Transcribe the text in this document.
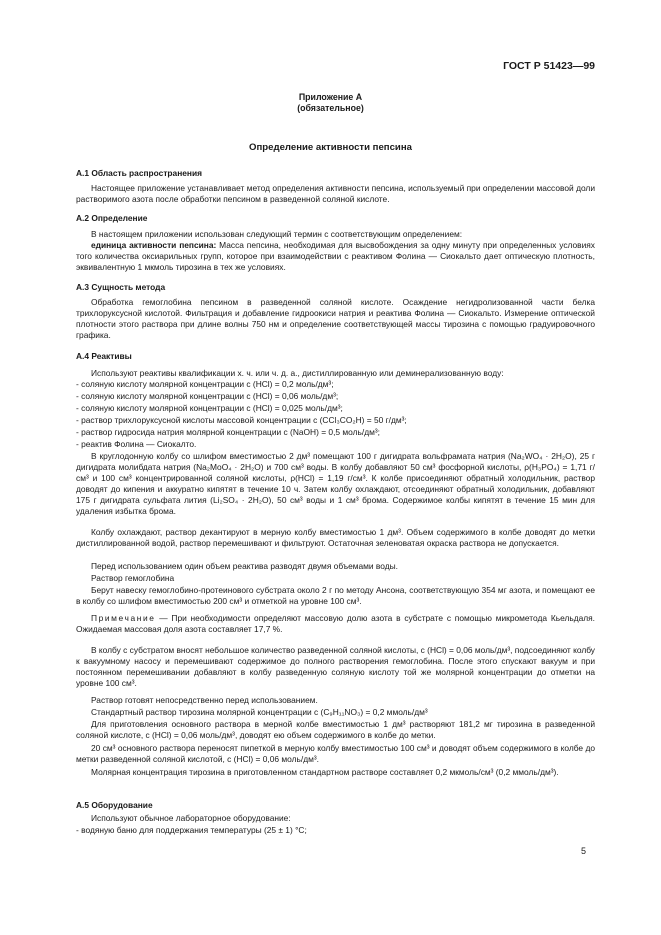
ГОСТ Р 51423—99
Приложение А
(обязательное)
Определение активности пепсина
А.1 Область распространения
Настоящее приложение устанавливает метод определения активности пепсина, используемый при определении массовой доли растворимого азота после обработки пепсином в разведенной соляной кислоте.
А.2 Определение
В настоящем приложении использован следующий термин с соответствующим определением:
единица активности пепсина: Масса пепсина, необходимая для высвобождения за одну минуту при определенных условиях того количества оксиарильных групп, которое при взаимодействии с реактивом Фолина — Сиокальто дает оптическую плотность, эквивалентную 1 мкмоль тирозина в тех же условиях.
А.3 Сущность метода
Обработка гемоглобина пепсином в разведенной соляной кислоте. Осаждение негидролизованной части белка трихлоруксусной кислотой. Фильтрация и добавление гидроокиси натрия и реактива Фолина — Сиокальто. Измерение оптической плотности этого раствора при длине волны 750 нм и определение соответствующей массы тирозина с помощью градуировочного графика.
А.4 Реактивы
Используют реактивы квалификации х. ч. или ч. д. а., дистиллированную или деминерализованную воду:
- соляную кислоту молярной концентрации c (HCl) = 0,2 моль/дм³;
- соляную кислоту молярной концентрации c (HCl) = 0,06 моль/дм³;
- соляную кислоту молярной концентрации c (HCl) = 0,025 моль/дм³;
- раствор трихлоруксусной кислоты массовой концентрации c (CCl₃CO₂H) = 50 г/дм³;
- раствор гидросида натрия молярной концентрации c (NaOH) = 0,5 моль/дм³;
- реактив Фолина — Сиокалто.
В круглодонную колбу со шлифом вместимостью 2 дм³ помещают 100 г дигидрата вольфрамата натрия (Na₂WO₄ · 2H₂O), 25 г дигидрата молибдата натрия (Na₂MoO₄ · 2H₂O) и 700 см³ воды. В колбу добавляют 50 см³ фосфорной кислоты, ρ(H₃PO₄) = 1,71 г/см³ и 100 см³ концентрированной соляной кислоты, ρ(HCl) = 1,19 г/см³. К колбе присоединяют обратный холодильник, раствор доводят до кипения и аккуратно кипятят в течение 10 ч. Затем колбу охлаждают, отсоединяют обратный холодильник, добавляют 175 г дигидрата сульфата лития (Li₂SO₄ · 2H₂O), 50 см³ воды и 1 см³ брома. Содержимое колбы кипятят в течение 15 мин для удаления избытка брома.
Колбу охлаждают, раствор декантируют в мерную колбу вместимостью 1 дм³. Объем содержимого в колбе доводят до метки дистиллированной водой, раствор перемешивают и фильтруют. Остаточная зеленоватая окраска раствора не допускается.
Перед использованием один объем реактива разводят двумя объемами воды.
Раствор гемоглобина
Берут навеску гемоглобино-протеинового субстрата около 2 г по методу Ансона, соответствующую 354 мг азота, и помещают ее в колбу со шлифом вместимостью 200 см³ и отметкой на уровне 100 см³.
Примечание — При необходимости определяют массовую долю азота в субстрате с помощью микрометода Кьельдаля. Ожидаемая массовая доля азота составляет 17,7 %.
В колбу с субстратом вносят небольшое количество разведенной соляной кислоты, c (HCl) = 0,06 моль/дм³, подсоединяют колбу к вакуумному насосу и перемешивают содержимое до полного растворения гемоглобина. После этого спускают вакуум и при постоянном перемешивании добавляют в колбу разведенную соляную кислоту той же молярной концентрации до отметки на уровне 100 см³.
Раствор готовят непосредственно перед использованием.
Стандартный раствор тирозина молярной концентрации c (C₉H₁₁NO₃) = 0,2 ммоль/дм³
Для приготовления основного раствора в мерной колбе вместимостью 1 дм³ растворяют 181,2 мг тирозина в разведенной соляной кислоте, c (HCl) = 0,06 моль/дм³, доводят ею объем содержимого в колбе до метки.
20 см³ основного раствора переносят пипеткой в мерную колбу вместимостью 100 см³ и доводят объем содержимого в колбе до метки разведенной соляной кислотой, c (HCl) = 0,06 моль/дм³.
Молярная концентрация тирозина в приготовленном стандартном растворе составляет 0,2 мкмоль/см³ (0,2 ммоль/дм³).
А.5 Оборудование
Используют обычное лабораторное оборудование:
- водяную баню для поддержания температуры (25 ± 1) °С;
5
